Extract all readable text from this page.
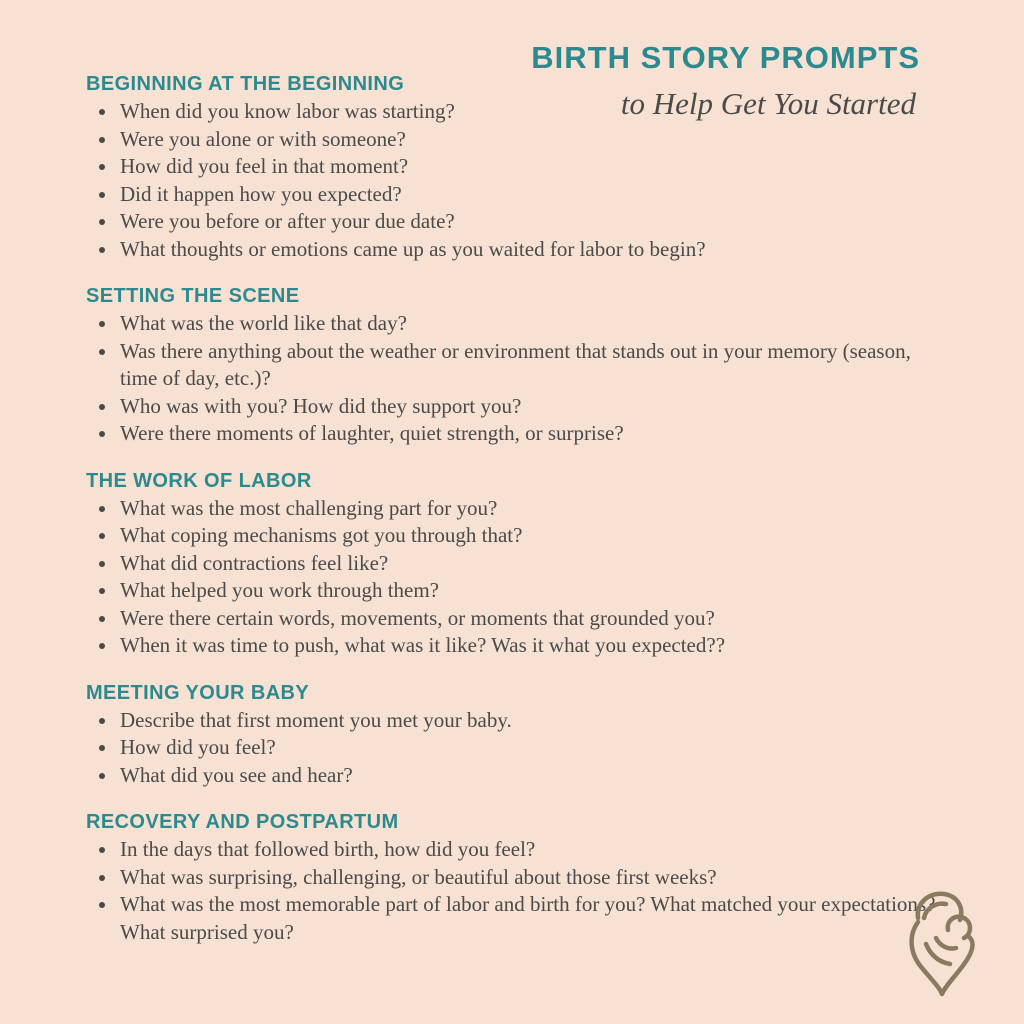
BIRTH STORY PROMPTS
to Help Get You Started
BEGINNING AT THE BEGINNING
When did you know labor was starting?
Were you alone or with someone?
How did you feel in that moment?
Did it happen how you expected?
Were you before or after your due date?
What thoughts or emotions came up as you waited for labor to begin?
SETTING THE SCENE
What was the world like that day?
Was there anything about the weather or environment that stands out in your memory (season, time of day, etc.)?
Who was with you? How did they support you?
Were there moments of laughter, quiet strength, or surprise?
THE WORK OF LABOR
What was the most challenging part for you?
What coping mechanisms got you through that?
What did contractions feel like?
What helped you work through them?
Were there certain words, movements, or moments that grounded you?
When it was time to push, what was it like? Was it what you expected??
MEETING YOUR BABY
Describe that first moment you met your baby.
How did you feel?
What did you see and hear?
RECOVERY AND POSTPARTUM
In the days that followed birth, how did you feel?
What was surprising, challenging, or beautiful about those first weeks?
What was the most memorable part of labor and birth for you? What matched your expectations? What surprised you?
